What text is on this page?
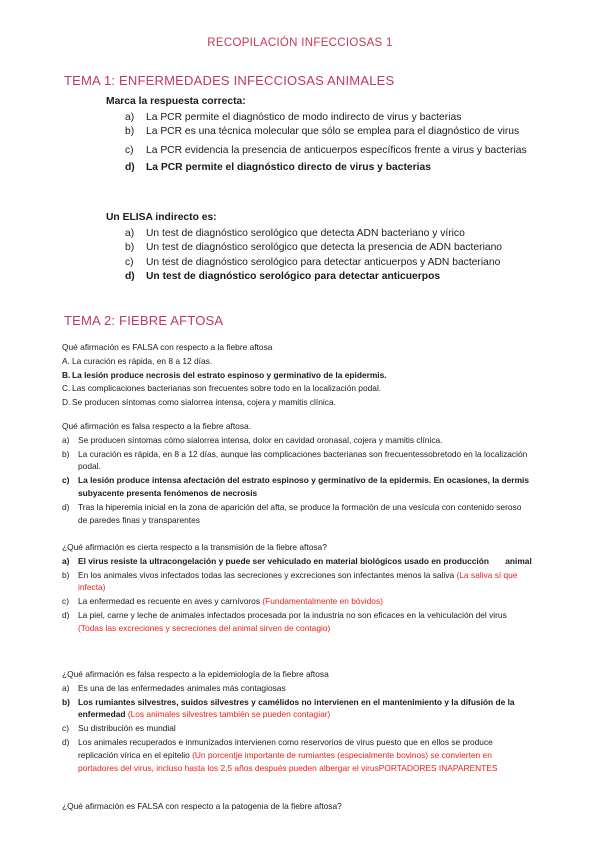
RECOPILACIÓN INFECCIOSAS 1
TEMA 1: ENFERMEDADES INFECCIOSAS ANIMALES
Marca la respuesta correcta:
a)	La PCR permite el diagnóstico de modo indirecto de virus y bacterias
b)	La PCR es una técnica molecular que sólo se emplea para el diagnóstico de virus
c)	La PCR evidencia la presencia de anticuerpos específicos frente a virus y bacterias
d)	La PCR permite el diagnóstico directo de virus y bacterias
Un ELISA indirecto es:
a)	Un test de diagnóstico serológico que detecta ADN bacteriano y vírico
b)	Un test de diagnóstico serológico que detecta la presencia de ADN bacteriano
c)	Un test de diagnóstico serológico para detectar anticuerpos y ADN bacteriano
d)	Un test de diagnóstico serológico para detectar anticuerpos
TEMA 2: FIEBRE AFTOSA
Qué afirmación es FALSA con respecto a la fiebre aftosa
A. La curación es rápida, en 8 a 12 días.
B. La lesión produce necrosis del estrato espinoso y germinativo de la epidermis.
C. Las complicaciones bacterianas son frecuentes sobre todo en la localización podal.
D. Se producen síntomas como sialorrea intensa, cojera y mamitis clínica.
Qué afirmación es falsa respecto a la fiebre aftosa.
a)	Se producen síntomas cómo sialorrea intensa, dolor en cavidad oronasal, cojera y mamitis clínica.
b)	La curación es rápida, en 8 a 12 días, aunque las complicaciones bacterianas son frecuentessobretodo en la localización podal.
c)	La lesión produce intensa afectación del estrato espinoso y germinativo de la epidermis. En ocasiones, la dermis subyacente presenta fenómenos de necrosis
d)	Tras la hiperemia inicial en la zona de aparición del afta, se produce la formación de una vesícula con contenido seroso de paredes finas y transparentes
¿Qué afirmación es cierta respecto a la transmisión de la fiebre aftosa?
a)	El virus resiste la ultracongelación y puede ser vehiculado en material biológicos usado en producción       animal
b)	En los animales vivos infectados todas las secreciones y excreciones son infectantes menos la saliva (La saliva sí que infecta)
c)	La enfermedad es recuente en aves y carnívoros (Fundamentalmente en bóvidos)
d)	La piel, carne y leche de animales infectados procesada por la industria no son eficaces en la vehiculación del virus (Todas las excreciones y secreciones del animal sirven de contagio)
¿Qué afirmación es falsa respecto a la epidemiología de la fiebre aftosa
a)	Es una de las enfermedades animales más contagiosas
b) Los rumiantes silvestres, suidos silvestres y camélidos no intervienen en el mantenimiento y la difusión de la enfermedad (Los animales silvestres también se pueden contagiar)
c)	Su distribución es mundial
d)	Los animales recuperados e inmunizados intervienen como reservorios de virus puesto que en ellos se produce replicación vírica en el epitelio (Un porcentje importante de rumiantes (especialmente bovinos) se convierten en portadores del virus, incluso hasta los 2,5 años después pueden albergar el virusPORTADORES INAPARENTES
¿Qué afirmación es FALSA con respecto a la patogenia de la fiebre aftosa?
